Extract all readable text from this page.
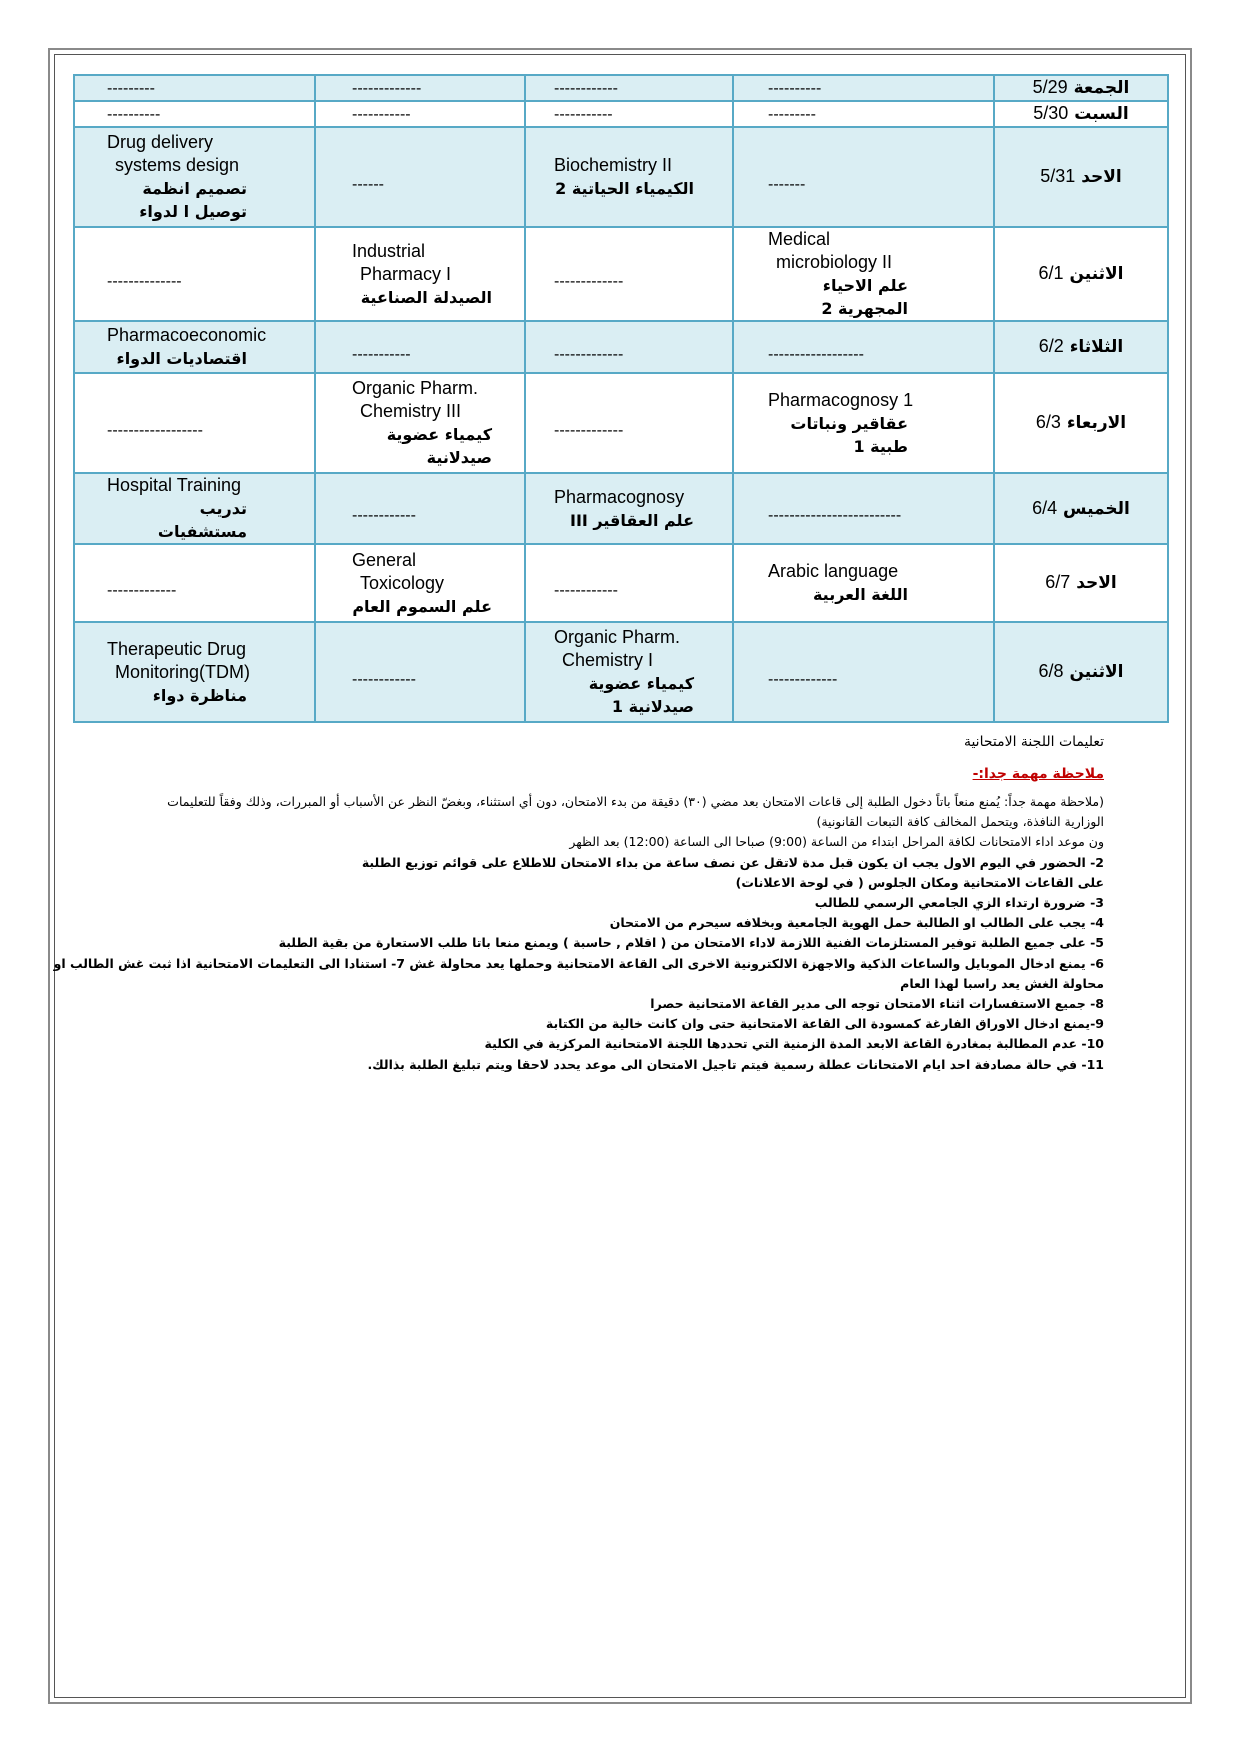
---------	-------------	------------	----------	الجمعة 5/29

----------	-----------	-----------	---------	السبت 5/30

Drug delivery
systems design
تصميم انظمة
توصيل ا لدواء	------	Biochemistry II
الكيمياء الحياتية 2	-------	الاحد 5/31

--------------	Industrial
Pharmacy I
الصيدلة الصناعية	-------------	Medical
microbiology II
علم الاحياء المجهرية 2	الاثنين 6/1

Pharmacoeconomic
اقتصاديات الدواء	-----------	-------------	------------------	الثلاثاء 6/2

------------------	Organic Pharm.
Chemistry III
كيمياء عضوية
صيدلانية	-------------	Pharmacognosy 1
عقاقير ونباتات طبية 1	الاربعاء 6/3

Hospital Training
تدريب مستشفيات	------------	Pharmacognosy
علم العقاقير III	-------------------------	الخميس 6/4

-------------	General
Toxicology
علم السموم العام	------------	Arabic language
اللغة العربية	الاحد 6/7

Therapeutic Drug
Monitoring(TDM)
مناظرة دواء	------------	Organic Pharm.
Chemistry I
كيمياء عضوية
صيدلانية 1	-------------	الاثنين 6/8
تعليمات اللجنة الامتحانية
ملاحظة مهمة جدا:-
(ملاحظة مهمة جداً: يُمنع منعاً باتاً دخول الطلبة إلى قاعات الامتحان بعد مضي (٣٠) دقيقة من بدء الامتحان، دون أي استثناء، وبغضّ النظر عن الأسباب أو المبررات، وذلك وفقاً للتعليمات
الوزارية النافذة، ويتحمل المخالف كافة التبعات القانونية)
ون موعد اداء الامتحانات لكافة المراحل ابتداء من الساعة (9:00) صباحا الى الساعة (12:00) بعد الظهر
2- الحضور في اليوم الاول يجب ان يكون قبل مدة لاتقل عن نصف ساعة من بداء الامتحان للاطلاع على قوائم توزيع الطلبة
على القاعات الامتحانية ومكان الجلوس ( في لوحة الاعلانات)
3- ضرورة ارتداء الزي الجامعي الرسمي للطالب
4- يجب على الطالب او الطالبة حمل الهوية الجامعية وبخلافه سيحرم من الامتحان
5- على جميع الطلبة توفير المستلزمات الفنية اللازمة لاداء الامتحان من ( اقلام , حاسبة ) ويمنع منعا باتا طلب الاستعارة من بقية الطلبة
6- يمنع ادخال الموبايل والساعات الذكية والاجهزة الالكترونية الاخرى الى القاعة الامتحانية وحملها يعد محاولة غش 7- استنادا الى التعليمات الامتحانية اذا ثبت غش الطالب او
محاولة الغش يعد راسبا لهذا العام
8- جميع الاستفسارات اثناء الامتحان توجه الى مدير القاعة الامتحانية حصرا
9-يمنع ادخال الاوراق الفارغة كمسودة الى القاعة الامتحانية حتى وان كانت خالية من الكتابة
10- عدم المطالبة بمغادرة القاعة الابعد المدة الزمنية التي تحددها اللجنة الامتحانية المركزية في الكلية
11- في حالة مصادفة احد ايام الامتحانات عطلة رسمية فيتم تاجيل الامتحان الى موعد يحدد لاحقا ويتم تبليغ الطلبة بذالك.
